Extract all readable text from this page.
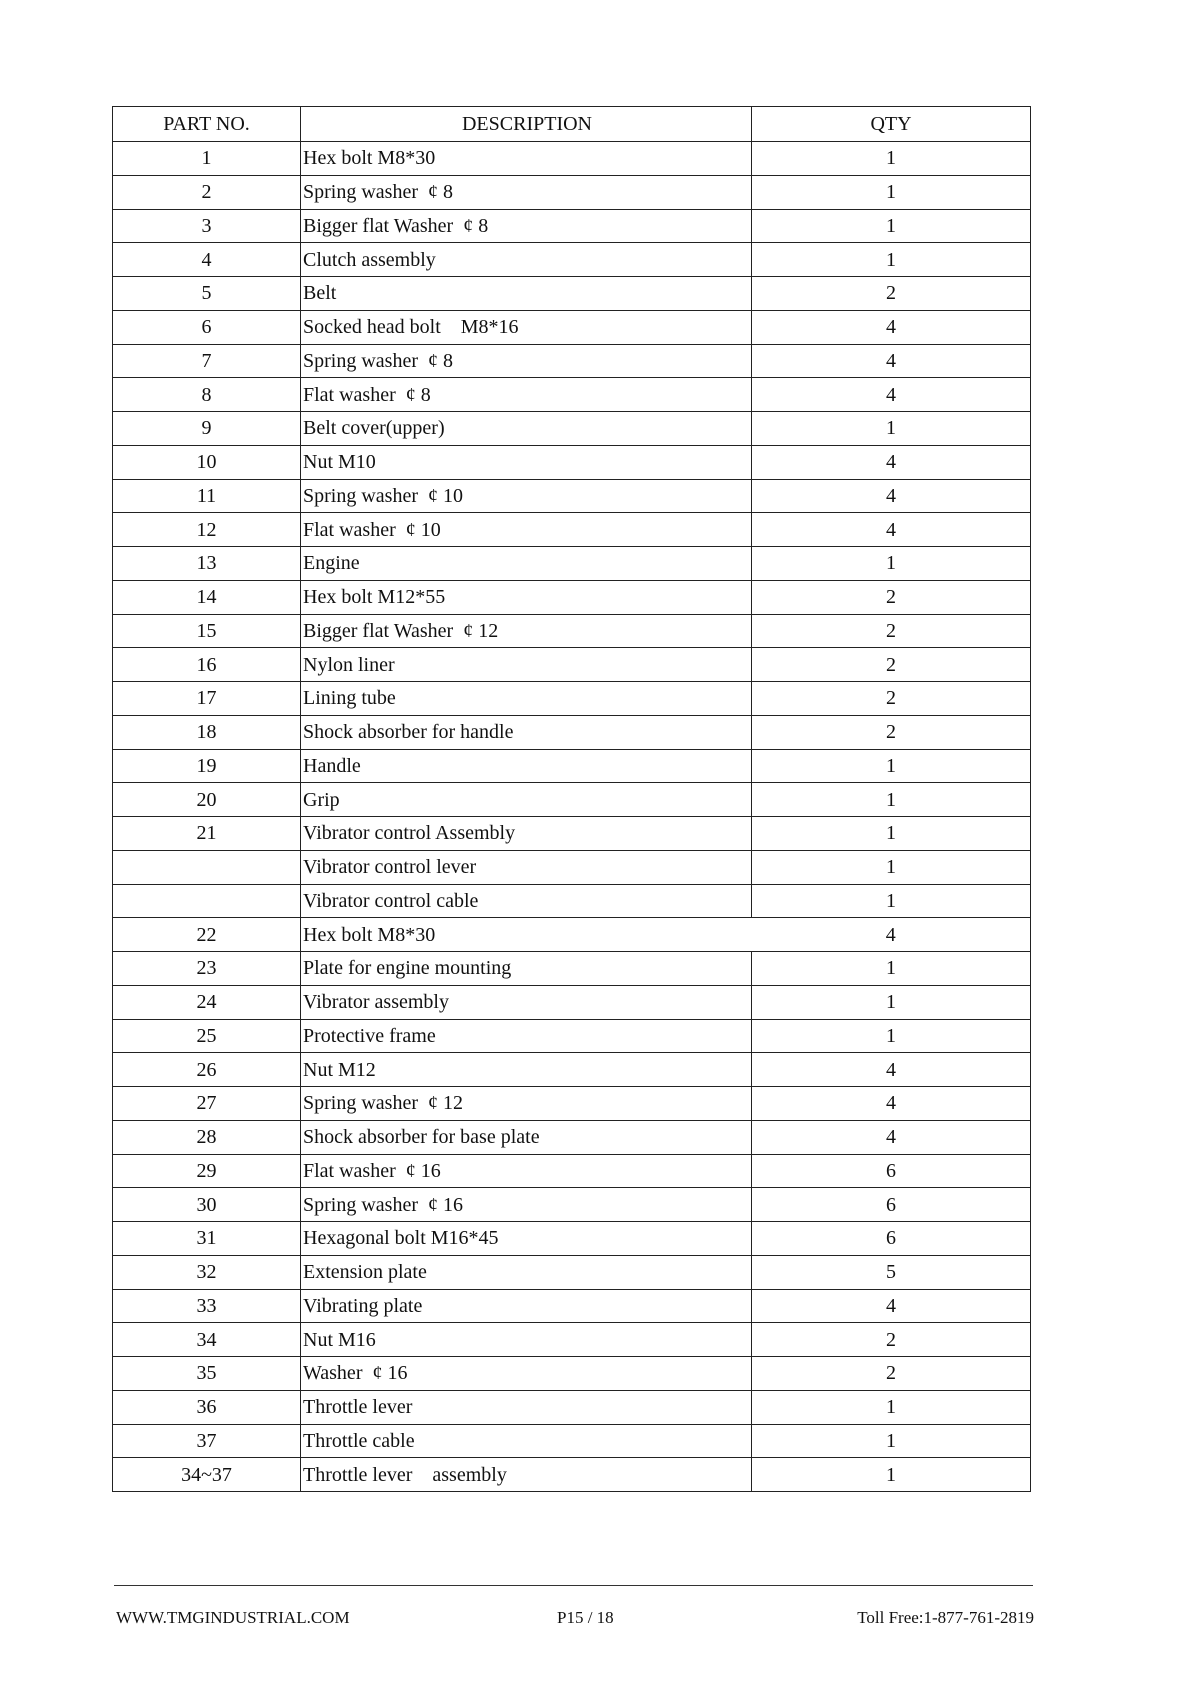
PART NO.	DESCRIPTION	QTY
1	Hex bolt M8*30	1
2	Spring washer  ¢ 8	1
3	Bigger flat Washer  ¢ 8	1
4	Clutch assembly	1
5	Belt	2
6	Socked head bolt    M8*16	4
7	Spring washer  ¢ 8	4
8	Flat washer  ¢ 8	4
9	Belt cover(upper)	1
10	Nut M10	4
11	Spring washer  ¢ 10	4
12	Flat washer  ¢ 10	4
13	Engine	1
14	Hex bolt M12*55	2
15	Bigger flat Washer  ¢ 12	2
16	Nylon liner	2
17	Lining tube	2
18	Shock absorber for handle	2
19	Handle	1
20	Grip	1
21	Vibrator control Assembly	1
	Vibrator control lever	1
	Vibrator control cable	1
22	Hex bolt M8*30	4
23	Plate for engine mounting	1
24	Vibrator assembly	1
25	Protective frame	1
26	Nut M12	4
27	Spring washer  ¢ 12	4
28	Shock absorber for base plate	4
29	Flat washer  ¢ 16	6
30	Spring washer  ¢ 16	6
31	Hexagonal bolt M16*45	6
32	Extension plate	5
33	Vibrating plate	4
34	Nut M16	2
35	Washer  ¢ 16	2
36	Throttle lever	1
37	Throttle cable	1
34~37	Throttle lever    assembly	1
WWW.TMGINDUSTRIAL.COM	P15 / 18	Toll Free:1-877-761-2819
